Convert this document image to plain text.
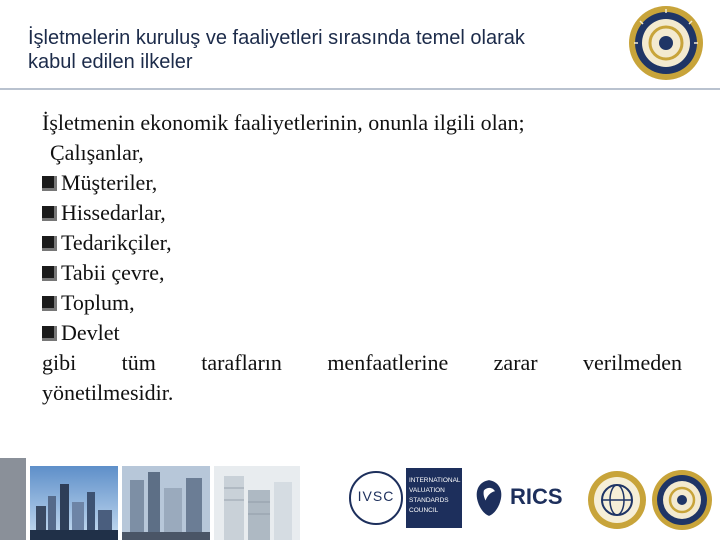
İşletmelerin kuruluş ve faaliyetleri sırasında temel olarak
kabul edilen ilkeler
İşletmenin ekonomik faaliyetlerinin, onunla ilgili olan;
Çalışanlar,
Müşteriler,
Hissedarlar,
Tedarikçiler,
Tabii çevre,
Toplum,
Devlet
gibi tüm tarafların menfaatlerine zarar verilmeden
yönetilmesidir.
IVSC
INTERNATIONAL
VALUATION
STANDARDS
COUNCIL
RICS
